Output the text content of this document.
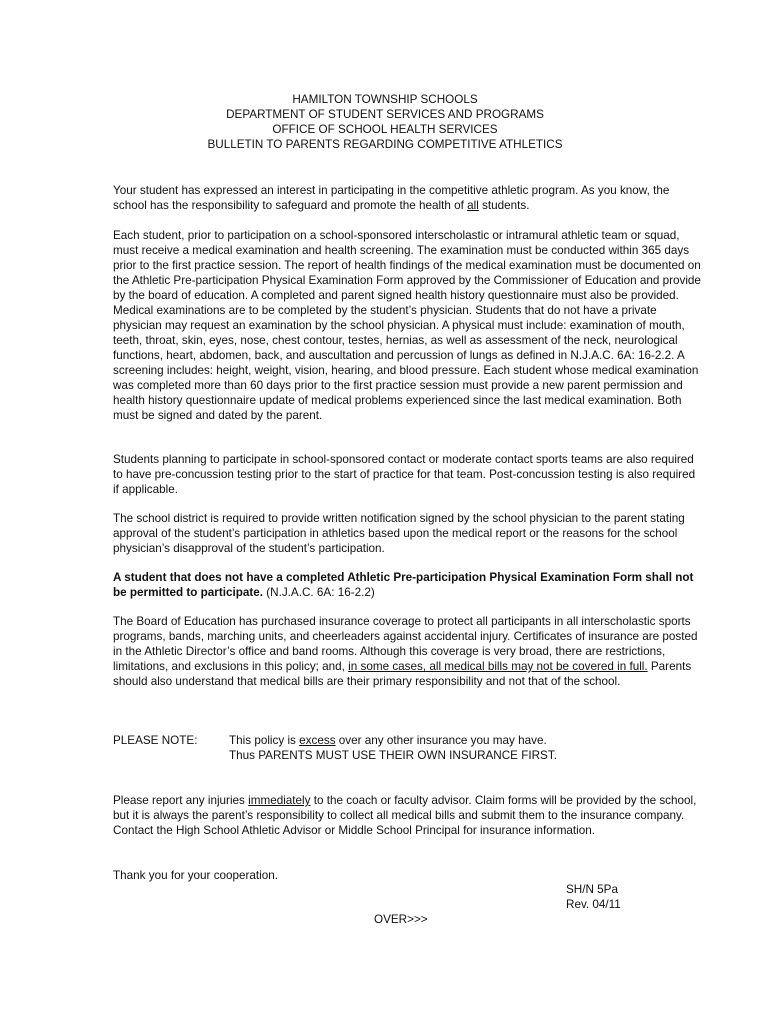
HAMILTON TOWNSHIP SCHOOLS
DEPARTMENT OF STUDENT SERVICES AND PROGRAMS
OFFICE OF SCHOOL HEALTH SERVICES
BULLETIN TO PARENTS REGARDING COMPETITIVE ATHLETICS

Your student has expressed an interest in participating in the competitive athletic program. As you know, the school has the responsibility to safeguard and promote the health of all students.

Each student, prior to participation on a school-sponsored interscholastic or intramural athletic team or squad, must receive a medical examination and health screening. The examination must be conducted within 365 days prior to the first practice session. The report of health findings of the medical examination must be documented on the Athletic Pre-participation Physical Examination Form approved by the Commissioner of Education and provide by the board of education. A completed and parent signed health history questionnaire must also be provided. Medical examinations are to be completed by the student’s physician. Students that do not have a private physician may request an examination by the school physician. A physical must include: examination of mouth, teeth, throat, skin, eyes, nose, chest contour, testes, hernias, as well as assessment of the neck, neurological functions, heart, abdomen, back, and auscultation and percussion of lungs as defined in N.J.A.C. 6A: 16-2.2. A screening includes: height, weight, vision, hearing, and blood pressure. Each student whose medical examination was completed more than 60 days prior to the first practice session must provide a new parent permission and health history questionnaire update of medical problems experienced since the last medical examination. Both must be signed and dated by the parent.

Students planning to participate in school-sponsored contact or moderate contact sports teams are also required to have pre-concussion testing prior to the start of practice for that team. Post-concussion testing is also required if applicable.

The school district is required to provide written notification signed by the school physician to the parent stating approval of the student’s participation in athletics based upon the medical report or the reasons for the school physician’s disapproval of the student’s participation.

A student that does not have a completed Athletic Pre-participation Physical Examination Form shall not be permitted to participate. (N.J.A.C. 6A: 16-2.2)

The Board of Education has purchased insurance coverage to protect all participants in all interscholastic sports programs, bands, marching units, and cheerleaders against accidental injury. Certificates of insurance are posted in the Athletic Director’s office and band rooms. Although this coverage is very broad, there are restrictions, limitations, and exclusions in this policy; and, in some cases, all medical bills may not be covered in full. Parents should also understand that medical bills are their primary responsibility and not that of the school.

PLEASE NOTE:	This policy is excess over any other insurance you may have.
Thus PARENTS MUST USE THEIR OWN INSURANCE FIRST.

Please report any injuries immediately to the coach or faculty advisor. Claim forms will be provided by the school, but it is always the parent’s responsibility to collect all medical bills and submit them to the insurance company. Contact the High School Athletic Advisor or Middle School Principal for insurance information.

Thank you for your cooperation.

SH/N 5Pa
Rev. 04/11
OVER>>>
